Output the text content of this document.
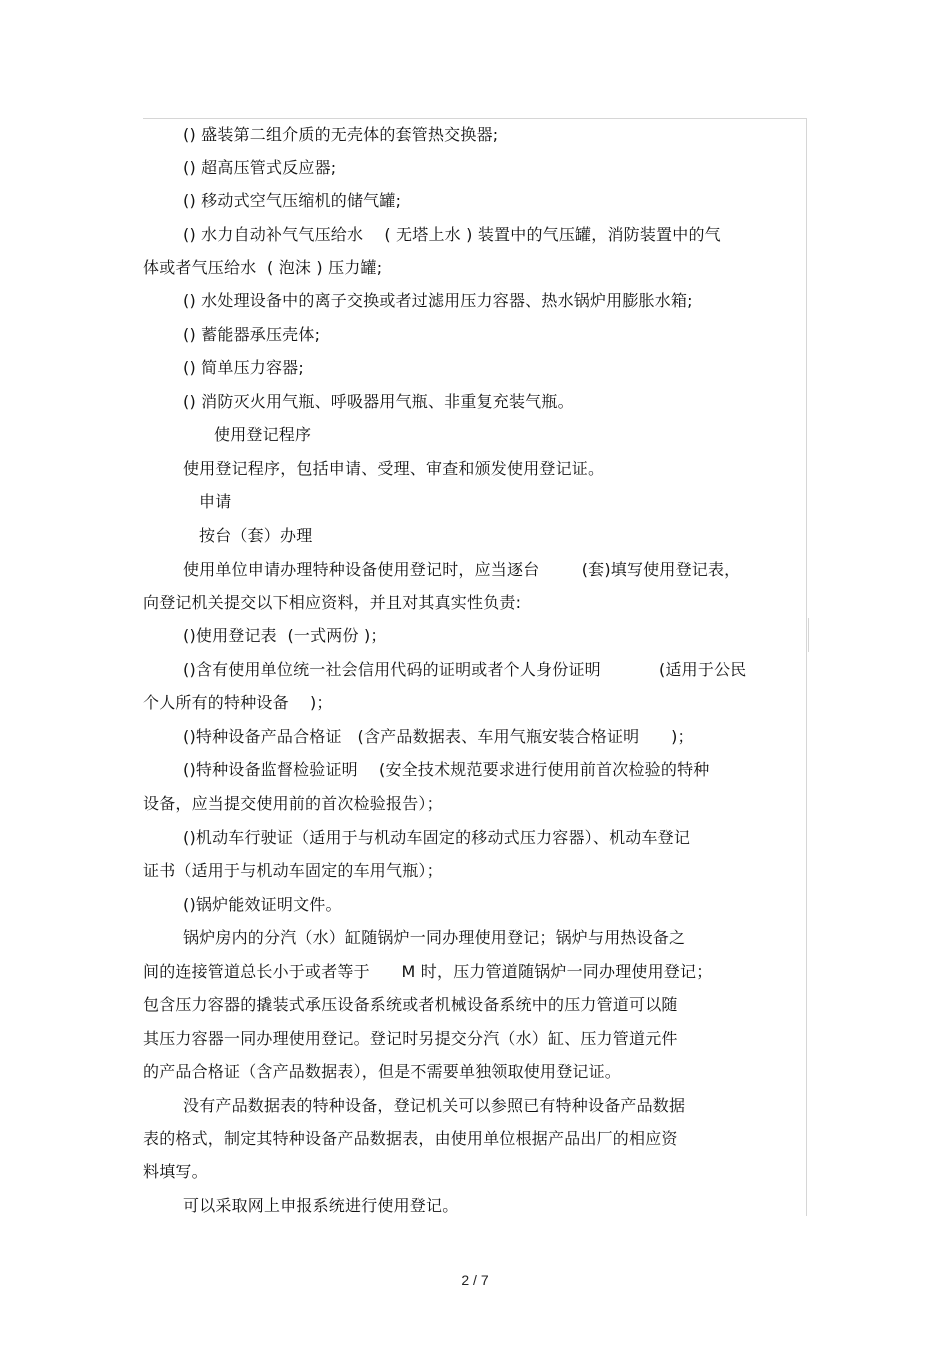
() 盛装第二组介质的无壳体的套管热交换器;
() 超高压管式反应器;
() 移动式空气压缩机的储气罐;
() 水力自动补气气压给水    ( 无塔上水 ) 装置中的气压罐，消防装置中的气
体或者气压给水  ( 泡沫 ) 压力罐;
() 水处理设备中的离子交换或者过滤用压力容器、热水锅炉用膨胀水箱;
() 蓄能器承压壳体;
() 简单压力容器;
() 消防灭火用气瓶、呼吸器用气瓶、非重复充装气瓶。
使用登记程序
使用登记程序，包括申请、受理、审查和颁发使用登记证。
申请
按台（套）办理
使用单位申请办理特种设备使用登记时，应当逐台        (套)填写使用登记表，
向登记机关提交以下相应资料，并且对其真实性负责:
()使用登记表  (一式两份 )；
()含有使用单位统一社会信用代码的证明或者个人身份证明           (适用于公民
个人所有的特种设备    )；
()特种设备产品合格证   (含产品数据表、车用气瓶安装合格证明      )；
()特种设备监督检验证明    (安全技术规范要求进行使用前首次检验的特种
设备，应当提交使用前的首次检验报告）；
()机动车行驶证（适用于与机动车固定的移动式压力容器）、机动车登记
证书（适用于与机动车固定的车用气瓶）；
()锅炉能效证明文件。
锅炉房内的分汽（水）缸随锅炉一同办理使用登记；锅炉与用热设备之
间的连接管道总长小于或者等于      M 时，压力管道随锅炉一同办理使用登记；
包含压力容器的撬装式承压设备系统或者机械设备系统中的压力管道可以随
其压力容器一同办理使用登记。登记时另提交分汽（水）缸、压力管道元件
的产品合格证（含产品数据表），但是不需要单独领取使用登记证。
没有产品数据表的特种设备，登记机关可以参照已有特种设备产品数据
表的格式，制定其特种设备产品数据表，由使用单位根据产品出厂的相应资
料填写。
可以采取网上申报系统进行使用登记。
2 / 7
